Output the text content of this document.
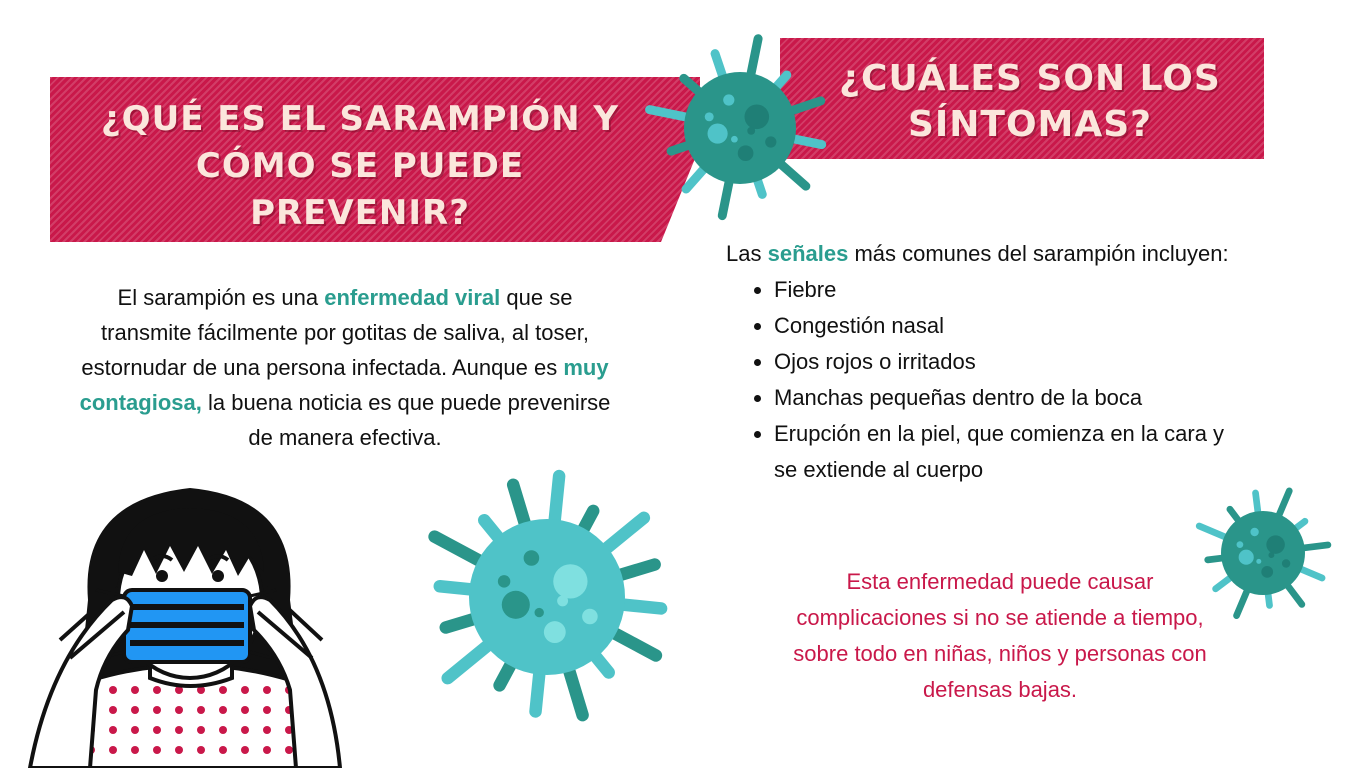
¿QUÉ ES EL SARAMPIÓN Y CÓMO SE PUEDE PREVENIR?
¿CUÁLES SON LOS SÍNTOMAS?

El sarampión es una enfermedad viral que se transmite fácilmente por gotitas de saliva, al toser, estornudar de una persona infectada. Aunque es muy contagiosa, la buena noticia es que puede prevenirse de manera efectiva.

Las señales más comunes del sarampión incluyen:

• Fiebre
• Congestión nasal
• Ojos rojos o irritados
• Manchas pequeñas dentro de la boca
• Erupción en la piel, que comienza en la cara y se extiende al cuerpo

Esta enfermedad puede causar complicaciones si no se atiende a tiempo, sobre todo en niñas, niños y personas con defensas bajas.
